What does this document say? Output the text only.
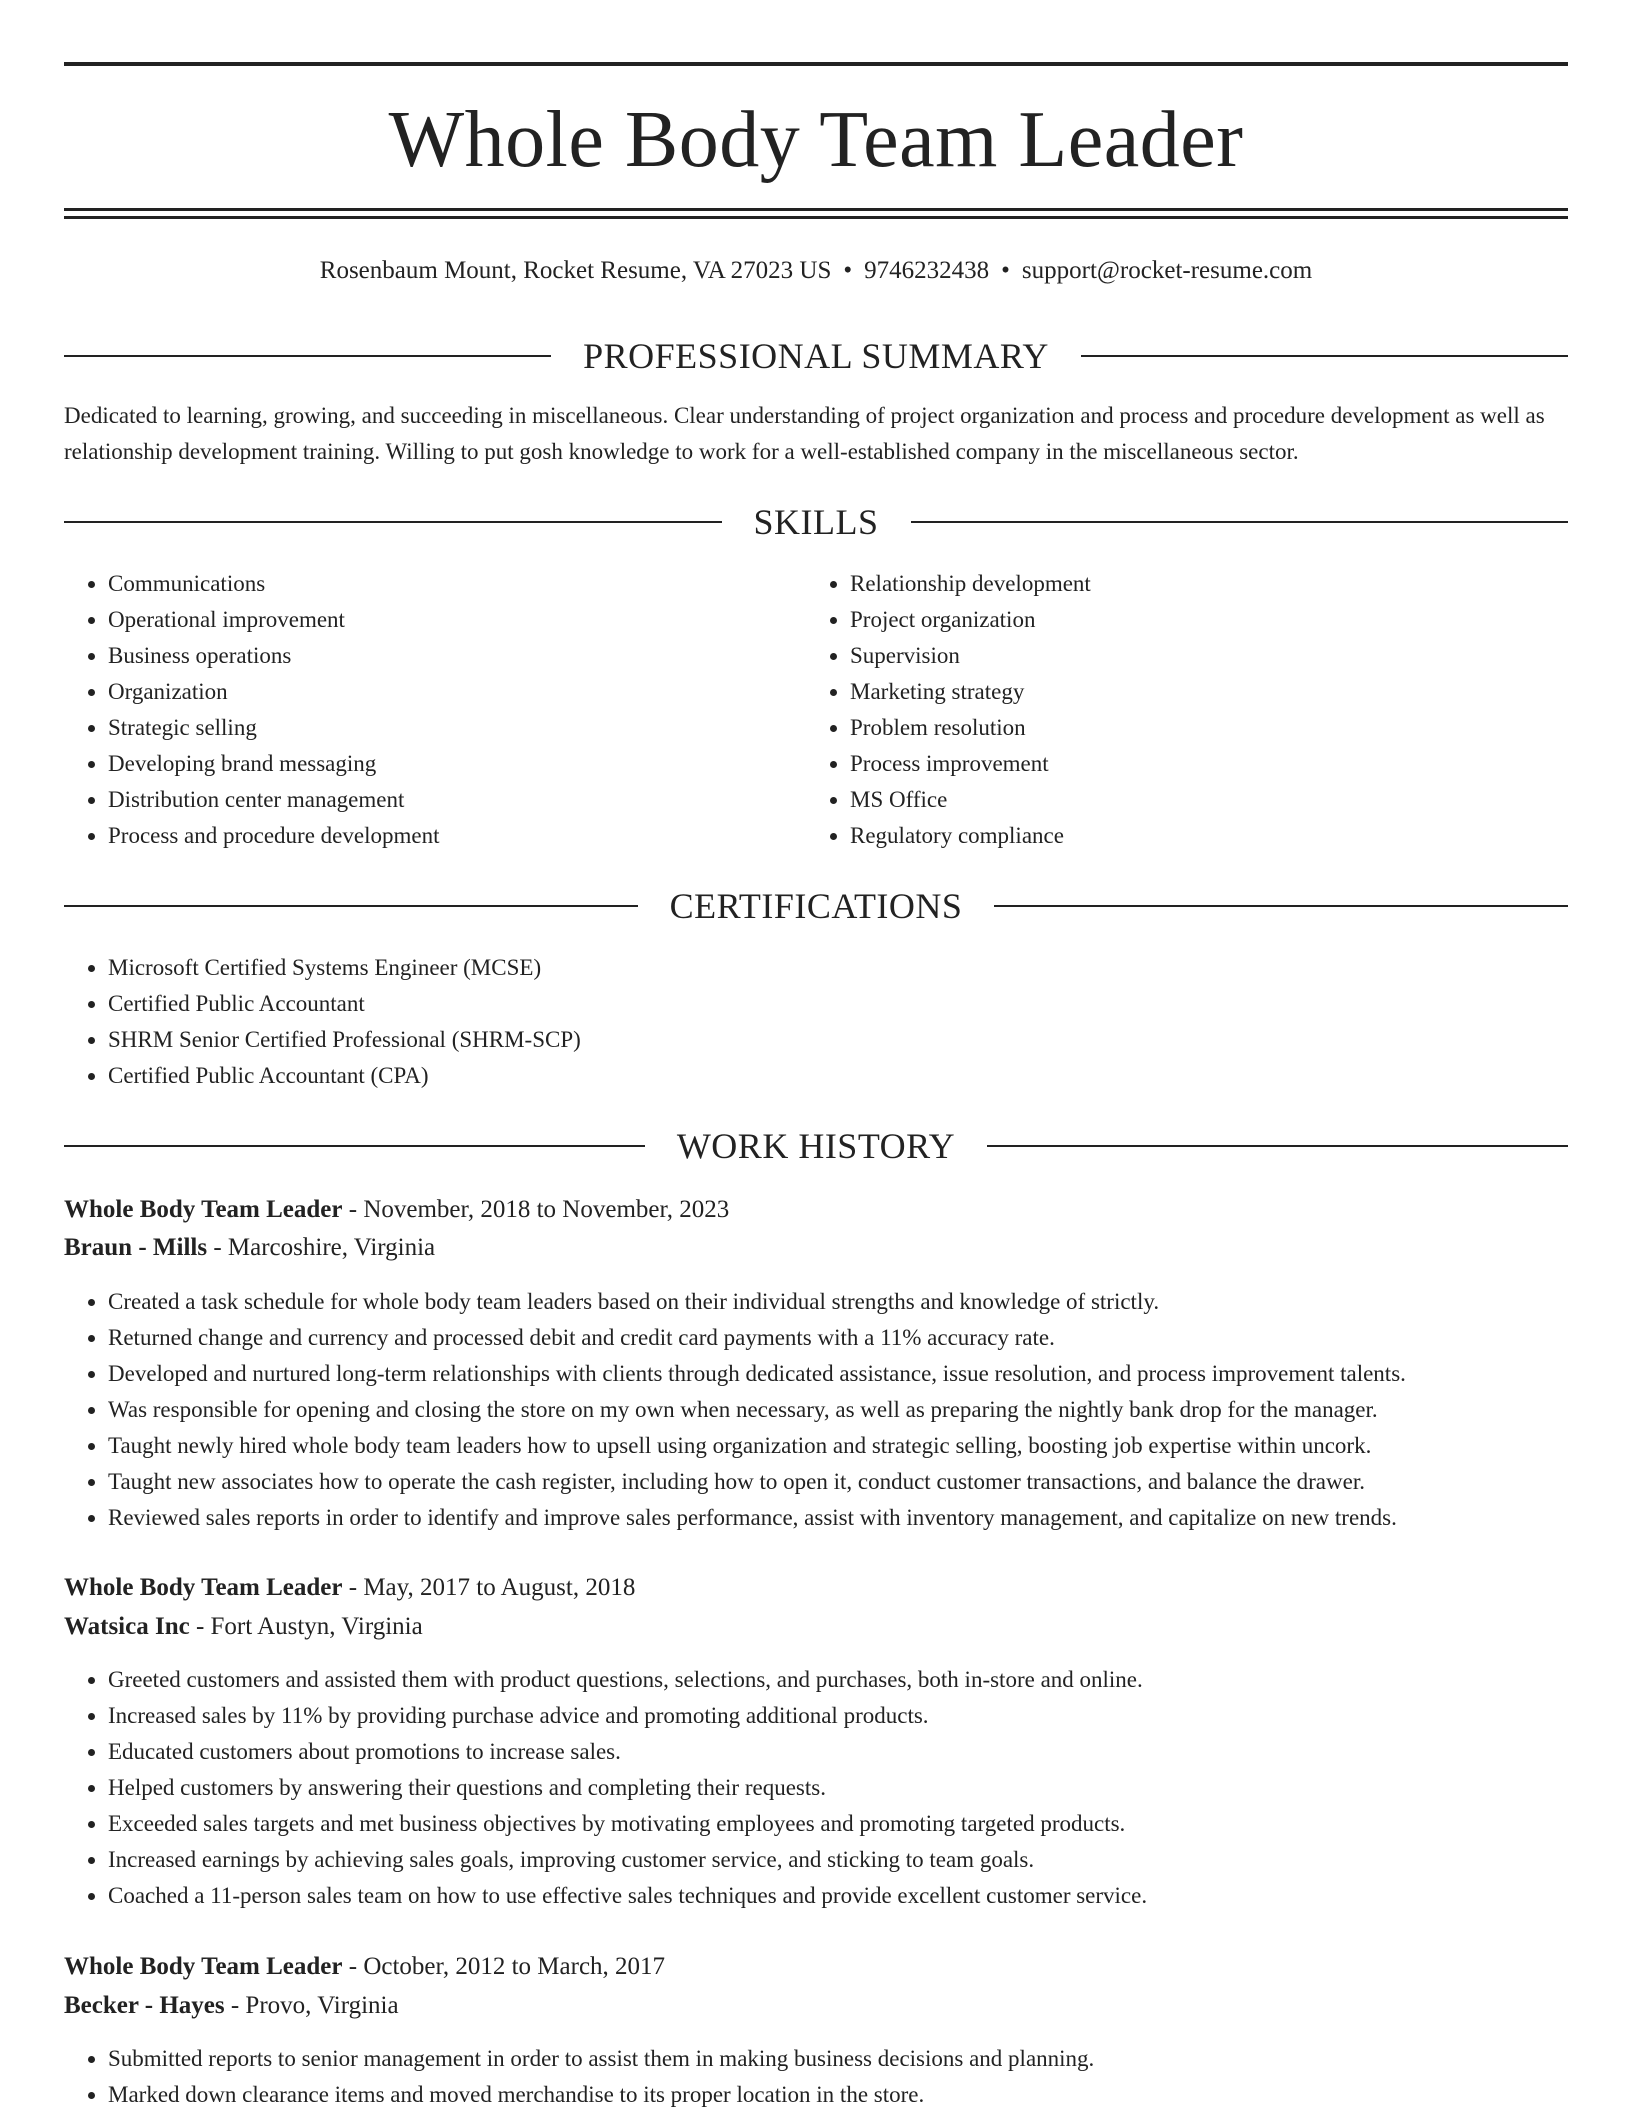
Whole Body Team Leader
Rosenbaum Mount, Rocket Resume, VA 27023 US • 9746232438 • support@rocket-resume.com
PROFESSIONAL SUMMARY

Dedicated to learning, growing, and succeeding in miscellaneous. Clear understanding of project organization and process and procedure development as well as relationship development training. Willing to put gosh knowledge to work for a well-established company in the miscellaneous sector.

SKILLS
• Communications
• Operational improvement
• Business operations
• Organization
• Strategic selling
• Developing brand messaging
• Distribution center management
• Process and procedure development
• Relationship development
• Project organization
• Supervision
• Marketing strategy
• Problem resolution
• Process improvement
• MS Office
• Regulatory compliance
CERTIFICATIONS
• Microsoft Certified Systems Engineer (MCSE)
• Certified Public Accountant
• SHRM Senior Certified Professional (SHRM-SCP)
• Certified Public Accountant (CPA)
WORK HISTORY
Whole Body Team Leader - November, 2018 to November, 2023
Braun - Mills - Marcoshire, Virginia
• Created a task schedule for whole body team leaders based on their individual strengths and knowledge of strictly.
• Returned change and currency and processed debit and credit card payments with a 11% accuracy rate.
• Developed and nurtured long-term relationships with clients through dedicated assistance, issue resolution, and process improvement talents.
• Was responsible for opening and closing the store on my own when necessary, as well as preparing the nightly bank drop for the manager.
• Taught newly hired whole body team leaders how to upsell using organization and strategic selling, boosting job expertise within uncork.
• Taught new associates how to operate the cash register, including how to open it, conduct customer transactions, and balance the drawer.
• Reviewed sales reports in order to identify and improve sales performance, assist with inventory management, and capitalize on new trends.
Whole Body Team Leader - May, 2017 to August, 2018
Watsica Inc - Fort Austyn, Virginia
• Greeted customers and assisted them with product questions, selections, and purchases, both in-store and online.
• Increased sales by 11% by providing purchase advice and promoting additional products.
• Educated customers about promotions to increase sales.
• Helped customers by answering their questions and completing their requests.
• Exceeded sales targets and met business objectives by motivating employees and promoting targeted products.
• Increased earnings by achieving sales goals, improving customer service, and sticking to team goals.
• Coached a 11-person sales team on how to use effective sales techniques and provide excellent customer service.
Whole Body Team Leader - October, 2012 to March, 2017
Becker - Hayes - Provo, Virginia
• Submitted reports to senior management in order to assist them in making business decisions and planning.
• Marked down clearance items and moved merchandise to its proper location in the store.
